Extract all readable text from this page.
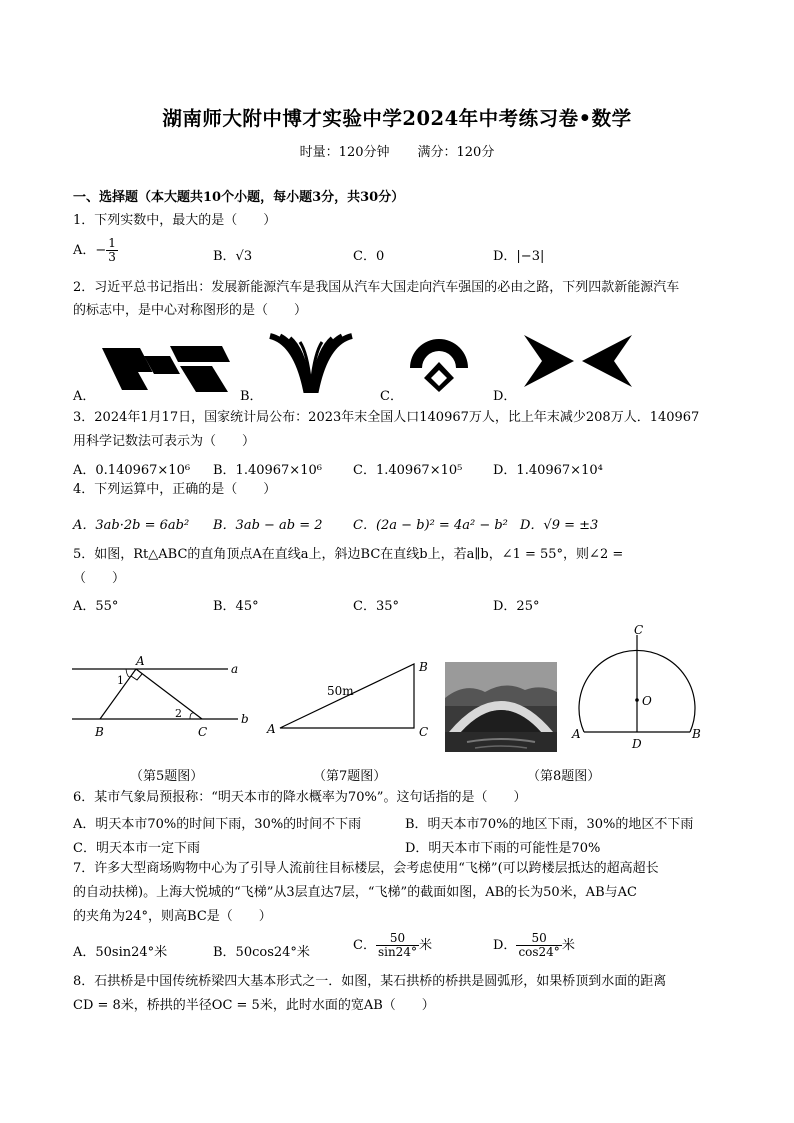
湖南师大附中博才实验中学2024年中考练习卷•数学
时量：120分钟 满分：120分
一、选择题（本大题共10个小题，每小题3分，共30分）
1．下列实数中，最大的是（　　）
A．− $\frac{1}{3}$	B．√3	C．0	D．|−3|
2．习近平总书记指出：发展新能源汽车是我国从汽车大国走向汽车强国的必由之路，下列四款新能源汽车
的标志中，是中心对称图形的是（　　）
A．	B．	C．	D．
3．2024年1月17日，国家统计局公布：2023年末全国人口140967万人，比上年末减少208万人．140967
用科学记数法可表示为（　　）
A．0.140967×10⁶ B．1.40967×10⁶ C．1.40967×10⁵ D．1.40967×10⁴
4．下列运算中，正确的是（　　）
A．3ab·2b = 6ab² B．3ab − ab = 2 C．(2a − b)² = 4a² − b² D．√9 = ±3
5．如图，Rt△ABC的直角顶点A在直线a上，斜边BC在直线b上，若a∥b，∠1 = 55°，则∠2 =
（　　）
A．55°	B．45°	C．35°	D．25°
A
a
b
B	C
1
2
（第5题图）
A
B
C
50m
（第7题图）
C
O
A	B
D
（第8题图）
6．某市气象局预报称：“明天本市的降水概率为70%”。这句话指的是（　　）
A．明天本市70%的时间下雨，30%的时间不下雨	B．明天本市70%的地区下雨，30%的地区不下雨
C．明天本市一定下雨	D．明天本市下雨的可能性是70%
7．许多大型商场购物中心为了引导人流前往目标楼层，会考虑使用“飞梯”(可以跨楼层抵达的超高超长
的自动扶梯)。上海大悦城的“飞梯”从3层直达7层，“飞梯”的截面如图，AB的长为50米，AB与AC
的夹角为24°，则高BC是（　　）
A．50sin24°米	B．50cos24°米	C． $\frac{50}{\sin 24^\circ}$ 米	D． $\frac{50}{\cos 24^\circ}$ 米
8．石拱桥是中国传统桥梁四大基本形式之一．如图，某石拱桥的桥拱是圆弧形，如果桥顶到水面的距离
CD = 8米，桥拱的半径OC = 5米，此时水面的宽AB（　　）
